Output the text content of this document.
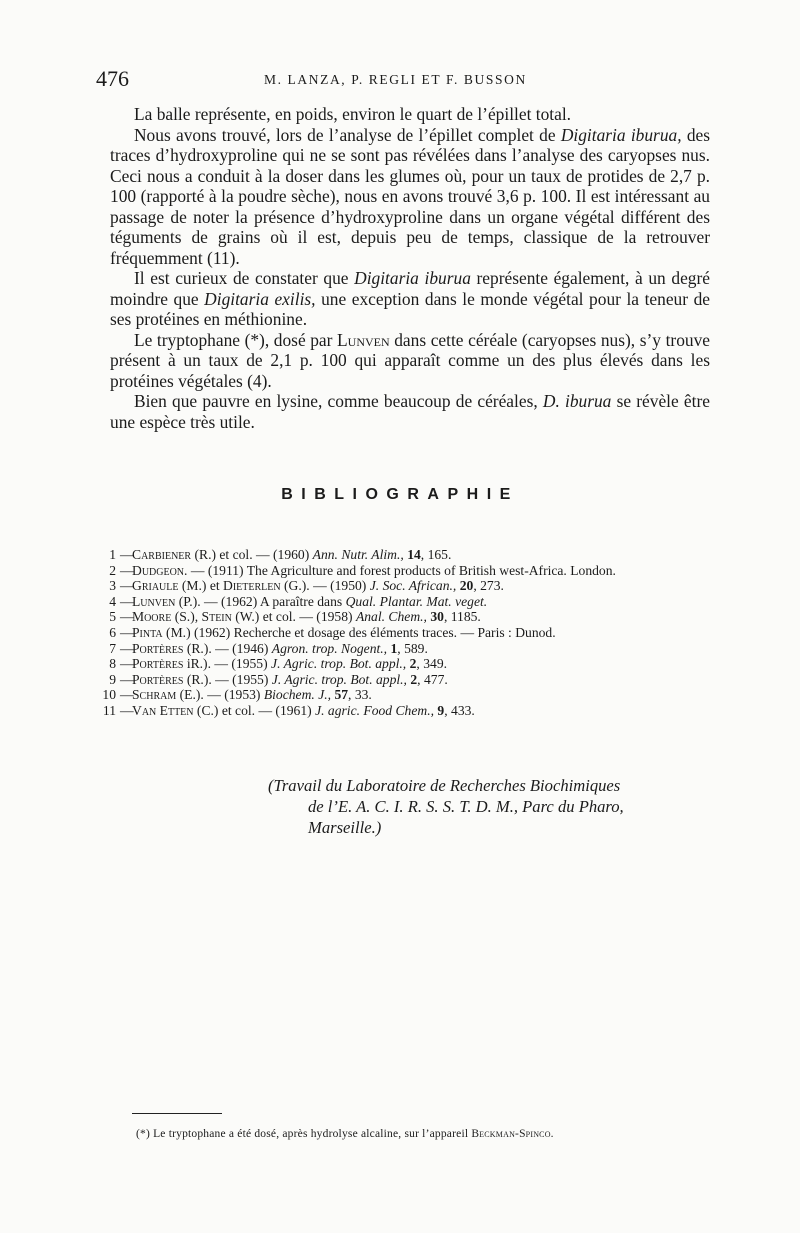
476	M. LANZA, P. REGLI ET F. BUSSON

La balle représente, en poids, environ le quart de l’épillet total.

Nous avons trouvé, lors de l’analyse de l’épillet complet de Digitaria iburua, des traces d’hydroxyproline qui ne se sont pas révélées dans l’analyse des caryopses nus. Ceci nous a conduit à la doser dans les glumes où, pour un taux de protides de 2,7 p. 100 (rapporté à la poudre sèche), nous en avons trouvé 3,6 p. 100. Il est intéressant au passage de noter la présence d’hydroxyproline dans un organe végétal différent des téguments de grains où il est, depuis peu de temps, classique de la retrouver fréquemment (11).

Il est curieux de constater que Digitaria iburua représente également, à un degré moindre que Digitaria exilis, une exception dans le monde végétal pour la teneur de ses protéines en méthionine.

Le tryptophane (*), dosé par Lunven dans cette céréale (caryopses nus), s’y trouve présent à un taux de 2,1 p. 100 qui apparaît comme un des plus élevés dans les protéines végétales (4).

Bien que pauvre en lysine, comme beaucoup de céréales, D. iburua se révèle être une espèce très utile.

BIBLIOGRAPHIE
1 —
Carbiener (R.) et col. — (1960) Ann. Nutr. Alim., 14, 165.
2 —
Dudgeon. — (1911) The Agriculture and forest products of British west-Africa. London.
3 —
Griaule (M.) et Dieterlen (G.). — (1950) J. Soc. African., 20, 273.
4 —
Lunven (P.). — (1962) A paraître dans Qual. Plantar. Mat. veget.
5 —
Moore (S.), Stein (W.) et col. — (1958) Anal. Chem., 30, 1185.
6 —
Pinta (M.) (1962) Recherche et dosage des éléments traces. — Paris : Dunod.
7 —
Portères (R.). — (1946) Agron. trop. Nogent., 1, 589.
8 —
Portères iR.). — (1955) J. Agric. trop. Bot. appl., 2, 349.
9 —
Portères (R.). — (1955) J. Agric. trop. Bot. appl., 2, 477.
10 —
Schram (E.). — (1953) Biochem. J., 57, 33.
11 —
Van Etten (C.) et col. — (1961) J. agric. Food Chem., 9, 433.
(Travail du Laboratoire de Recherches Biochimiques
de l’E. A. C. I. R. S. S. T. D. M., Parc du Pharo,
Marseille.)
(*) Le tryptophane a été dosé, après hydrolyse alcaline, sur l’appareil Beckman-Spinco.
